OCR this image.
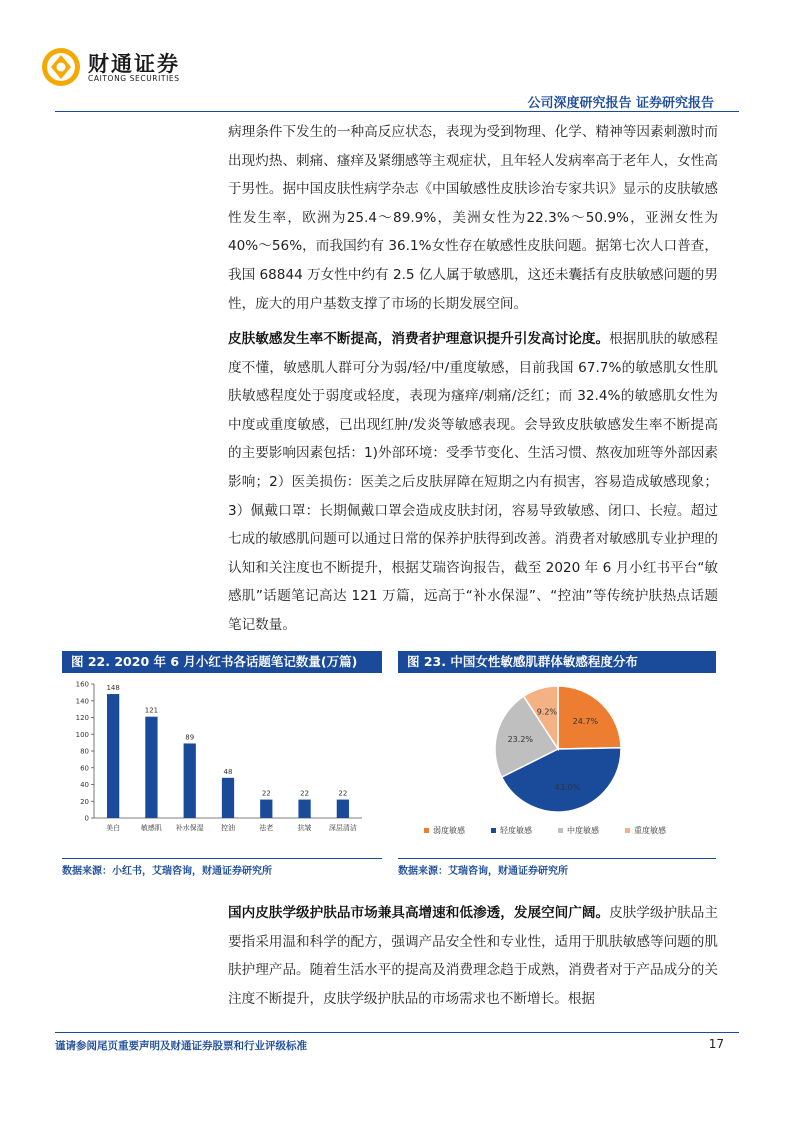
财通证券
CAITONG SECURITIES
公司深度研究报告 证券研究报告
病理条件下发生的一种高反应状态，表现为受到物理、化学、精神等因素刺激时而出现灼热、刺痛、瘙痒及紧绷感等主观症状，且年轻人发病率高于老年人，女性高于男性。据中国皮肤性病学杂志《中国敏感性皮肤诊治专家共识》显示的皮肤敏感性发生率，欧洲为25.4～89.9%，美洲女性为22.3%～50.9%，亚洲女性为 40%～56%，而我国约有 36.1%女性存在敏感性皮肤问题。据第七次人口普查，我国 68844 万女性中约有 2.5 亿人属于敏感肌，这还未囊括有皮肤敏感问题的男性，庞大的用户基数支撑了市场的长期发展空间。
皮肤敏感发生率不断提高，消费者护理意识提升引发高讨论度。根据肌肤的敏感程度不懂，敏感肌人群可分为弱/轻/中/重度敏感，目前我国 67.7%的敏感肌女性肌肤敏感程度处于弱度或轻度，表现为瘙痒/刺痛/泛红；而 32.4%的敏感肌女性为中度或重度敏感，已出现红肿/发炎等敏感表现。会导致皮肤敏感发生率不断提高的主要影响因素包括：1)外部环境：受季节变化、生活习惯、熬夜加班等外部因素影响；2）医美损伤：医美之后皮肤屏障在短期之内有损害，容易造成敏感现象；3）佩戴口罩：长期佩戴口罩会造成皮肤封闭，容易导致敏感、闭口、长痘。超过七成的敏感肌问题可以通过日常的保养护肤得到改善。消费者对敏感肌专业护理的认知和关注度也不断提升，根据艾瑞咨询报告，截至 2020 年 6 月小红书平台“敏感肌”话题笔记高达 121 万篇，远高于“补水保湿”、“控油”等传统护肤热点话题笔记数量。
图 22. 2020 年 6 月小红书各话题笔记数量(万篇)
0
20
40
60
80
100
120
140
160 148
美白
121
敏感肌
89
补水保湿
48
控油
22
祛老
22
抗皱
22
深层清洁
数据来源：小红书，艾瑞咨询，财通证券研究所
图 23. 中国女性敏感肌群体敏感程度分布
24.7%
43.0%
23.2%
9.2%
弱度敏感	轻度敏感	中度敏感	重度敏感
数据来源：艾瑞咨询，财通证券研究所
国内皮肤学级护肤品市场兼具高增速和低渗透，发展空间广阔。皮肤学级护肤品主要指采用温和科学的配方，强调产品安全性和专业性，适用于肌肤敏感等问题的肌肤护理产品。随着生活水平的提高及消费理念趋于成熟，消费者对于产品成分的关注度不断提升，皮肤学级护肤品的市场需求也不断增长。根据
谨请参阅尾页重要声明及财通证券股票和行业评级标准	17
